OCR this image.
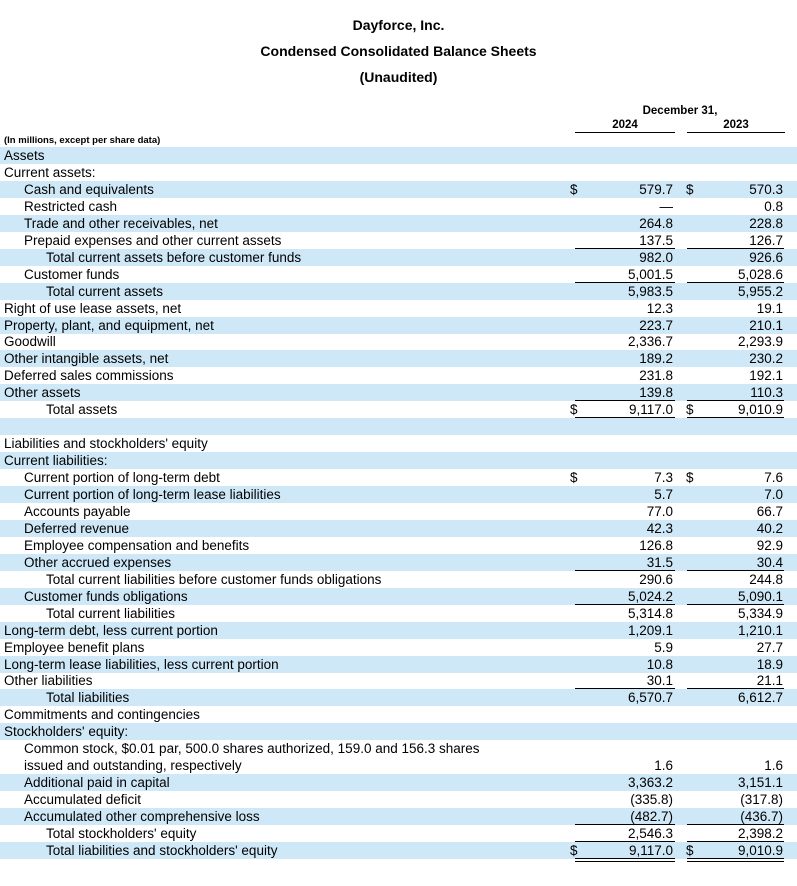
Dayforce, Inc.
Condensed Consolidated Balance Sheets
(Unaudited)
December 31,
2024	2023
(In millions, except per share data)
Assets
Current assets:
Cash and equivalents	$	579.7 $	570.3
Restricted cash	—	0.8
Trade and other receivables, net	264.8	228.8
Prepaid expenses and other current assets	137.5	126.7
Total current assets before customer funds	982.0	926.6
Customer funds	5,001.5	5,028.6
Total current assets	5,983.5	5,955.2
Right of use lease assets, net	12.3	19.1
Property, plant, and equipment, net	223.7	210.1
Goodwill	2,336.7	2,293.9
Other intangible assets, net	189.2	230.2
Deferred sales commissions	231.8	192.1
Other assets	139.8	110.3
Total assets	$	9,117.0 $	9,010.9
Liabilities and stockholders' equity
Current liabilities:
Current portion of long-term debt	$	7.3 $	7.6
Current portion of long-term lease liabilities	5.7	7.0
Accounts payable	77.0	66.7
Deferred revenue	42.3	40.2
Employee compensation and benefits	126.8	92.9
Other accrued expenses	31.5	30.4
Total current liabilities before customer funds obligations	290.6	244.8
Customer funds obligations	5,024.2	5,090.1
Total current liabilities	5,314.8	5,334.9
Long-term debt, less current portion	1,209.1	1,210.1
Employee benefit plans	5.9	27.7
Long-term lease liabilities, less current portion	10.8	18.9
Other liabilities	30.1	21.1
Total liabilities	6,570.7	6,612.7
Commitments and contingencies
Stockholders' equity:
Common stock, $0.01 par, 500.0 shares authorized, 159.0 and 156.3 shares
issued and outstanding, respectively	1.6	1.6
Additional paid in capital	3,363.2	3,151.1
Accumulated deficit	(335.8)	(317.8)
Accumulated other comprehensive loss	(482.7)	(436.7)
Total stockholders' equity	2,546.3	2,398.2
Total liabilities and stockholders' equity	$	9,117.0 $	9,010.9
